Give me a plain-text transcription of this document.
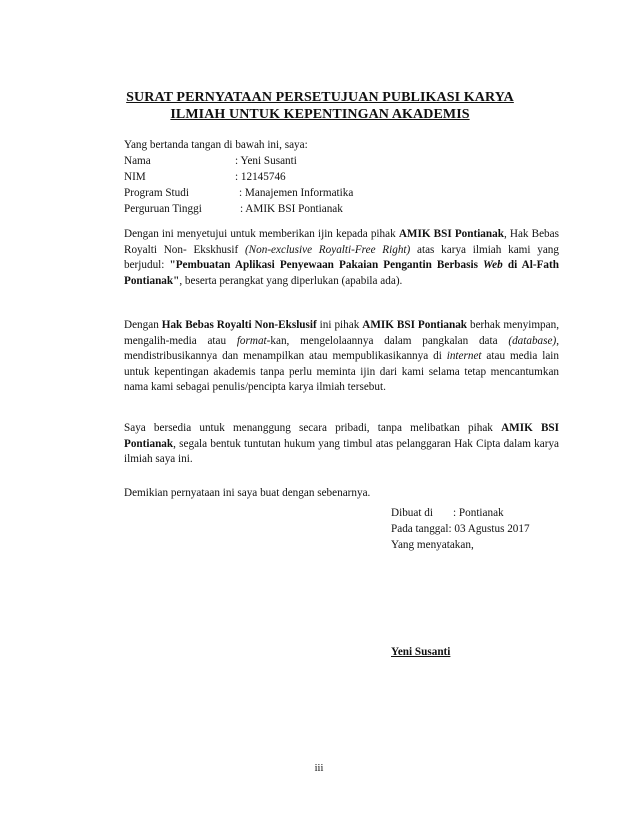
SURAT PERNYATAAN PERSETUJUAN PUBLIKASI KARYA
ILMIAH UNTUK KEPENTINGAN AKADEMIS
Yang bertanda tangan di bawah ini, saya:
Nama	: Yeni Susanti
NIM	: 12145746
Program Studi	: Manajemen Informatika
Perguruan Tinggi	: AMIK BSI Pontianak
Dengan ini menyetujui untuk memberikan ijin kepada pihak AMIK BSI Pontianak, Hak Bebas Royalti Non- Ekskhusif (Non-exclusive Royalti-Free Right) atas karya ilmiah kami yang berjudul: "Pembuatan Aplikasi Penyewaan Pakaian Pengantin Berbasis Web di Al-Fath Pontianak", beserta perangkat yang diperlukan (apabila ada).
Dengan Hak Bebas Royalti Non-Ekslusif ini pihak AMIK BSI Pontianak berhak menyimpan, mengalih-media atau format-kan, mengelolaannya dalam pangkalan data (database), mendistribusikannya dan menampilkan atau mempublikasikannya di internet atau media lain untuk kepentingan akademis tanpa perlu meminta ijin dari kami selama tetap mencantumkan nama kami sebagai penulis/pencipta karya ilmiah tersebut.
Saya bersedia untuk menanggung secara pribadi, tanpa melibatkan pihak AMIK BSI Pontianak, segala bentuk tuntutan hukum yang timbul atas pelanggaran Hak Cipta dalam karya ilmiah saya ini.
Demikian pernyataan ini saya buat dengan sebenarnya.
Dibuat di : Pontianak
Pada tanggal: 03 Agustus 2017
Yang menyatakan,
Yeni Susanti
iii
